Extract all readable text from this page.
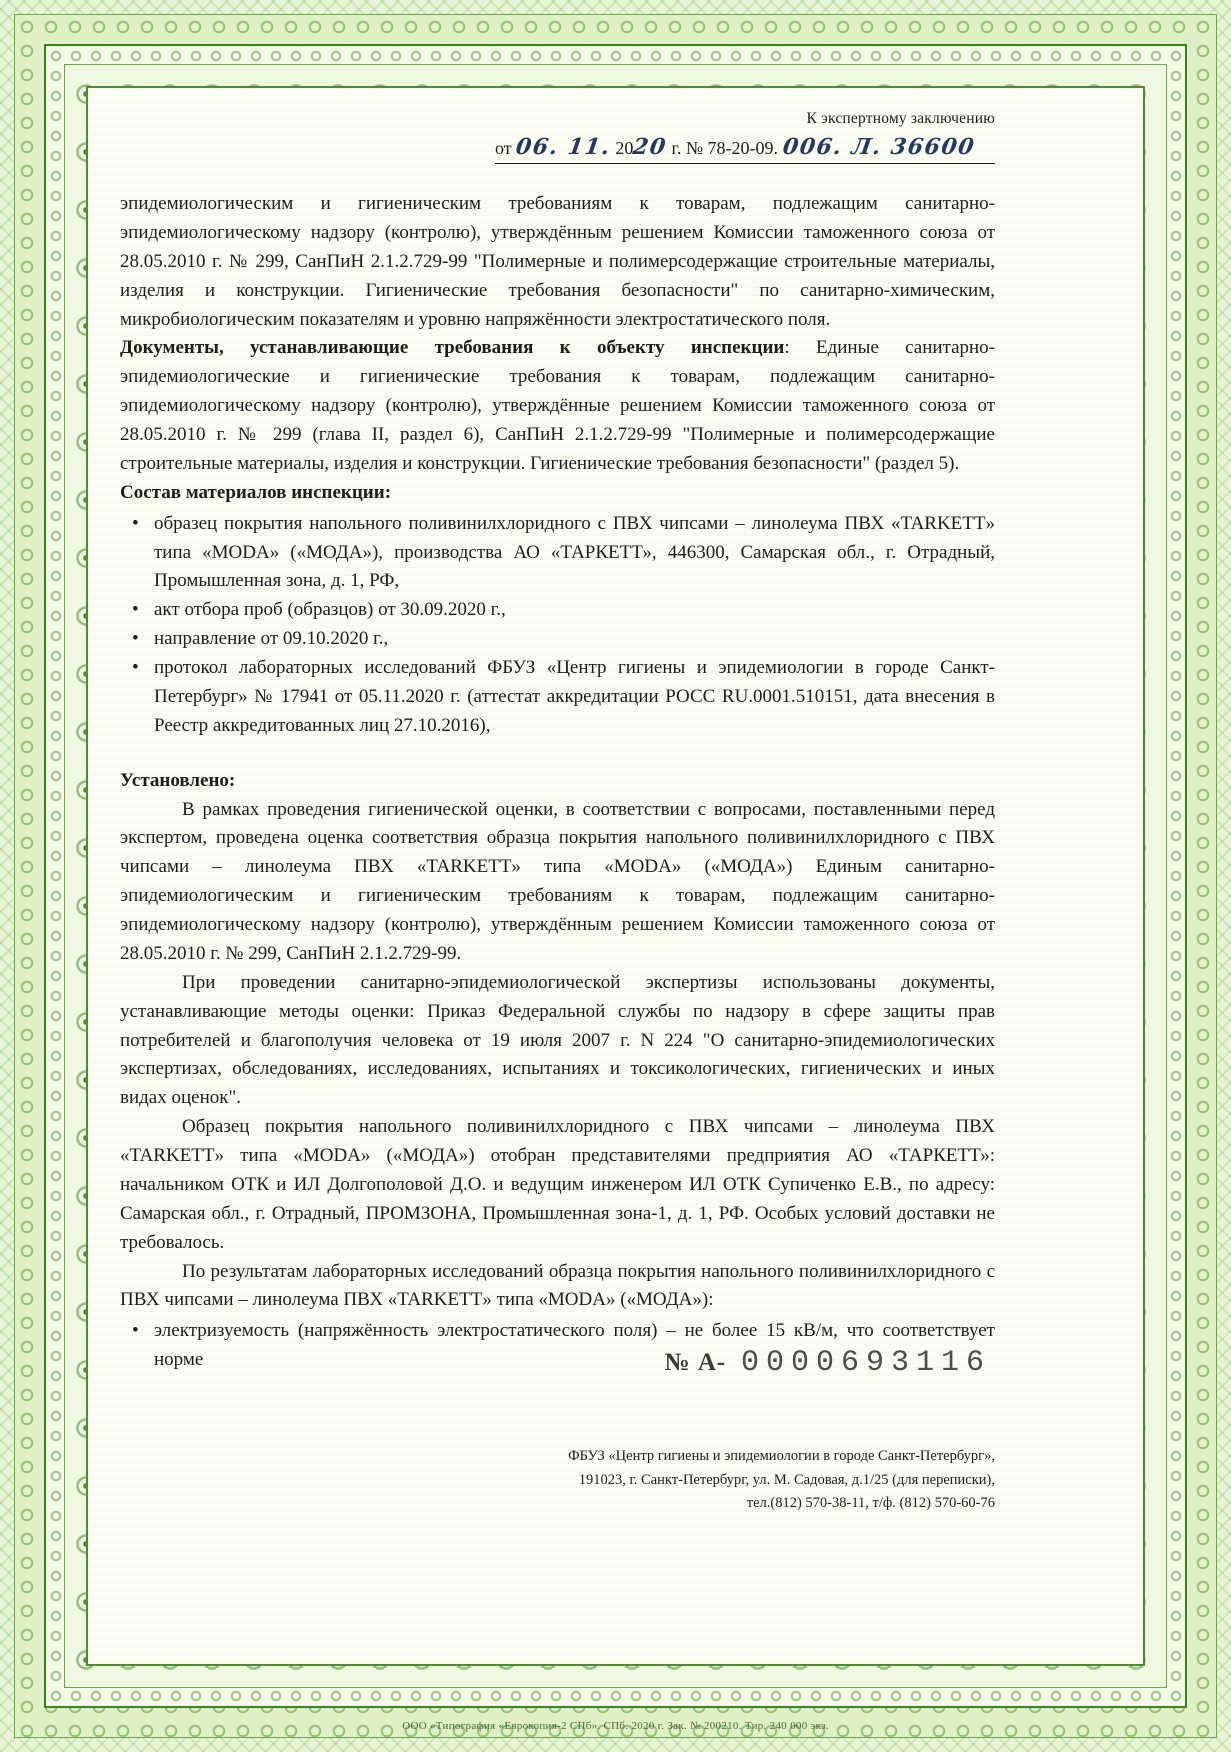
К экспертному заключению
от 06. 11. 2020 г. № 78-20-09. 006. Л. 36600

эпидемиологическим и гигиеническим требованиям к товарам, подлежащим санитарно-эпидемиологическому надзору (контролю), утверждённым решением Комиссии таможенного союза от 28.05.2010 г. № 299, СанПиН 2.1.2.729-99 "Полимерные и полимерсодержащие строительные материалы, изделия и конструкции. Гигиенические требования безопасности" по санитарно-химическим, микробиологическим показателям и уровню напряжённости электростатического поля.

Документы, устанавливающие требования к объекту инспекции: Единые санитарно-эпидемиологические и гигиенические требования к товарам, подлежащим санитарно-эпидемиологическому надзору (контролю), утверждённые решением Комиссии таможенного союза от 28.05.2010 г. № 299 (глава II, раздел 6), СанПиН 2.1.2.729-99 "Полимерные и полимерсодержащие строительные материалы, изделия и конструкции. Гигиенические требования безопасности" (раздел 5).

Состав материалов инспекции:

• образец покрытия напольного поливинилхлоридного с ПВХ чипсами – линолеума ПВХ «TARKETT» типа «MODA» («МОДА»), производства АО «ТАРКЕТТ», 446300, Самарская обл., г. Отрадный, Промышленная зона, д. 1, РФ,
• акт отбора проб (образцов) от 30.09.2020 г.,
• направление от 09.10.2020 г.,
• протокол лабораторных исследований ФБУЗ «Центр гигиены и эпидемиологии в городе Санкт-Петербург» № 17941 от 05.11.2020 г. (аттестат аккредитации РОСС RU.0001.510151, дата внесения в Реестр аккредитованных лиц 27.10.2016),

Установлено:

В рамках проведения гигиенической оценки, в соответствии с вопросами, поставленными перед экспертом, проведена оценка соответствия образца покрытия напольного поливинилхлоридного с ПВХ чипсами – линолеума ПВХ «TARKETT» типа «MODA» («МОДА») Единым санитарно-эпидемиологическим и гигиеническим требованиям к товарам, подлежащим санитарно-эпидемиологическому надзору (контролю), утверждённым решением Комиссии таможенного союза от 28.05.2010 г. № 299, СанПиН 2.1.2.729-99.

При проведении санитарно-эпидемиологической экспертизы использованы документы, устанавливающие методы оценки: Приказ Федеральной службы по надзору в сфере защиты прав потребителей и благополучия человека от 19 июля 2007 г. N 224 "О санитарно-эпидемиологических экспертизах, обследованиях, исследованиях, испытаниях и токсикологических, гигиенических и иных видах оценок".

Образец покрытия напольного поливинилхлоридного с ПВХ чипсами – линолеума ПВХ «TARKETT» типа «MODA» («МОДА») отобран представителями предприятия АО «ТАРКЕТТ»: начальником ОТК и ИЛ Долгополовой Д.О. и ведущим инженером ИЛ ОТК Супиченко Е.В., по адресу: Самарская обл., г. Отрадный, ПРОМЗОНА, Промышленная зона-1, д. 1, РФ. Особых условий доставки не требовалось.

По результатам лабораторных исследований образца покрытия напольного поливинилхлоридного с ПВХ чипсами – линолеума ПВХ «TARKETT» типа «MODA» («МОДА»):

• электризуемость (напряжённость электростатического поля) – не более 15 кВ/м, что соответствует норме	№ А- 0000693116
ФБУЗ «Центр гигиены и эпидемиологии в городе Санкт-Петербург»,
191023, г. Санкт-Петербург, ул. М. Садовая, д.1/25 (для переписки),
тел.(812) 570-38-11, т/ф. (812) 570-60-76
ООО «Типография «Еврокопия-2 СПб». СПб. 2020 г. Зак. № 200210. Тир. 240 000 экз.
